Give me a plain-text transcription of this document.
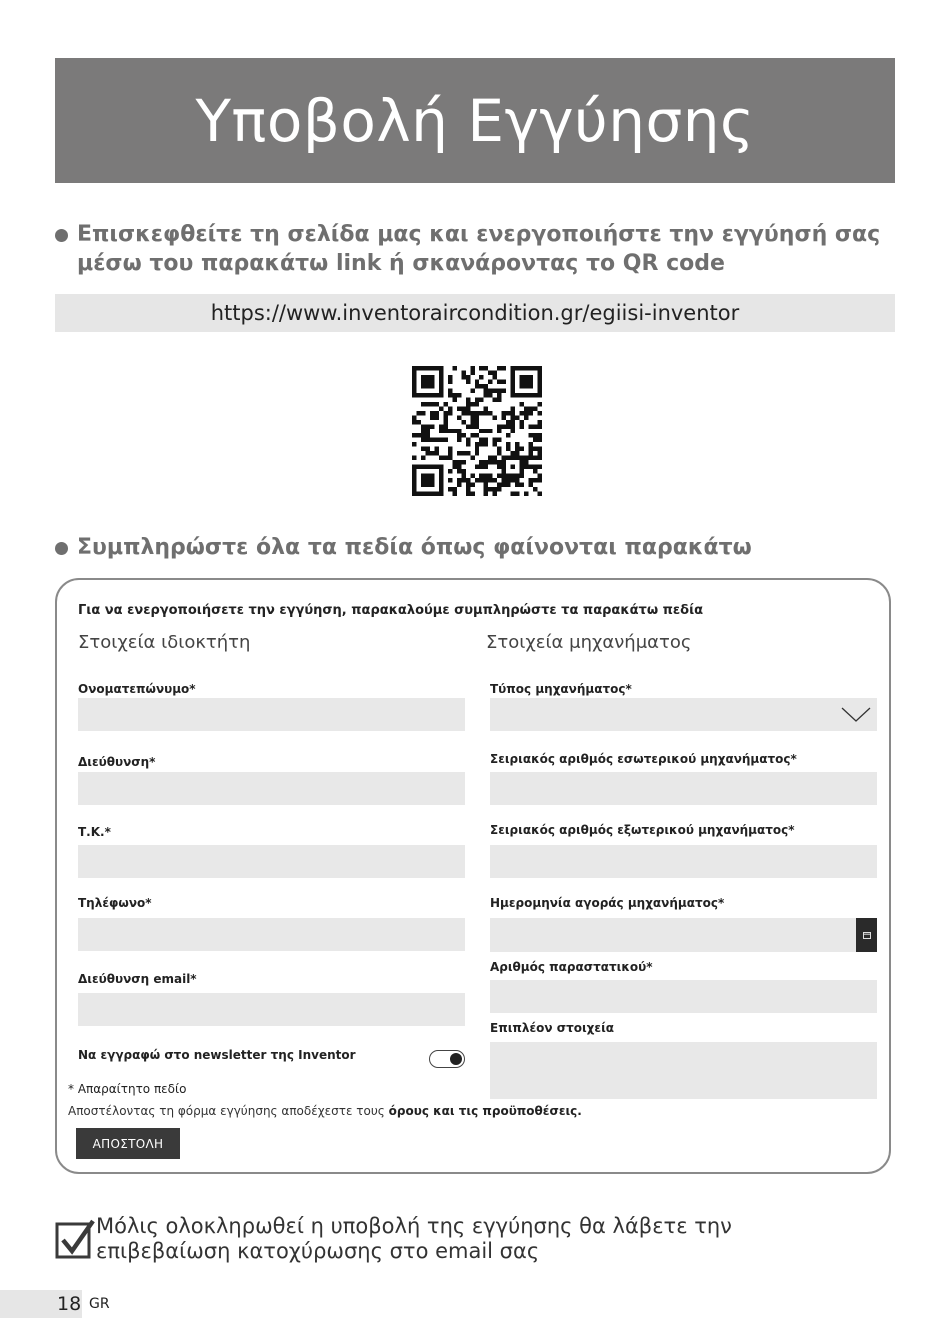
Υποβολή Εγγύησης
Επισκεφθείτε τη σελίδα μας και ενεργοποιήστε την εγγύησή σας μέσω του παρακάτω link ή σκανάροντας το QR code
https://www.inventoraircondition.gr/egiisi-inventor
Συμπληρώστε όλα τα πεδία όπως φαίνονται παρακάτω
Για να ενεργοποιήσετε την εγγύηση, παρακαλούμε συμπληρώστε τα παρακάτω πεδία
Στοιχεία ιδιοκτήτη	Στοιχεία μηχανήματος
Ονοματεπώνυμο*
Διεύθυνση*
Τ.Κ.*
Τηλέφωνο*
Διεύθυνση email*
Να εγγραφώ στο newsletter της Inventor
Τύπος μηχανήματος*
Σειριακός αριθμός εσωτερικού μηχανήματος*
Σειριακός αριθμός εξωτερικού μηχανήματος*
Ημερομηνία αγοράς μηχανήματος*
Αριθμός παραστατικού*
Επιπλέον στοιχεία
* Απαραίτητο πεδίο
Αποστέλοντας τη φόρμα εγγύησης αποδέχεστε τους όρους και τις προϋποθέσεις.
ΑΠΟΣΤΟΛΗ
Μόλις ολοκληρωθεί η υποβολή της εγγύησης θα λάβετε την επιβεβαίωση κατοχύρωσης στο email σας
18 GR
